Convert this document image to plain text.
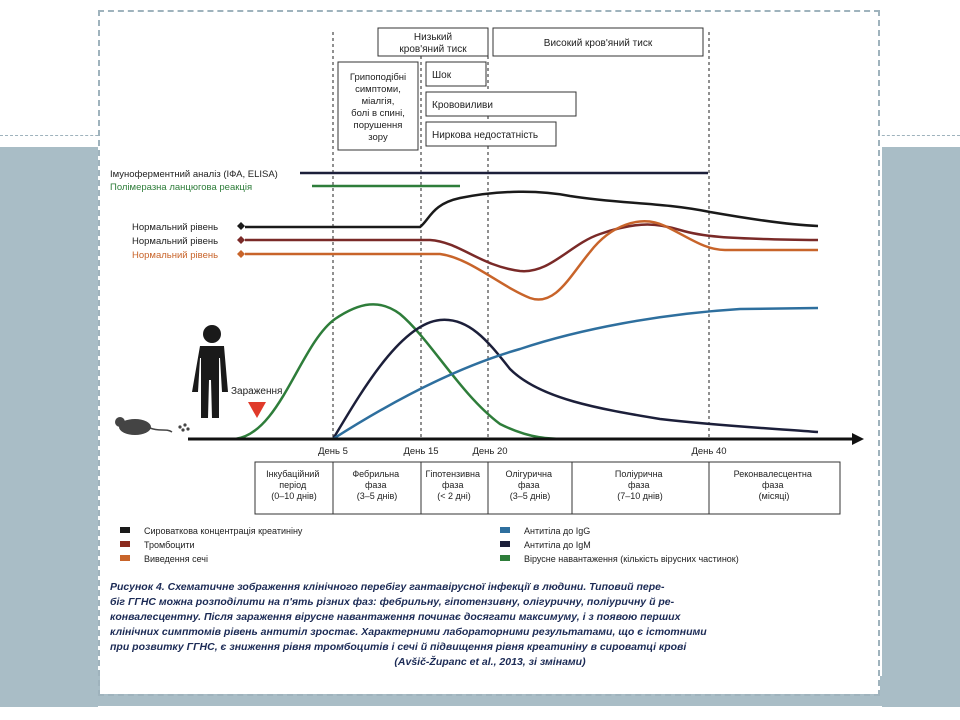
Низький
кров'яний тиск
Високий кров'яний тиск
Грипоподібні
симптоми,
міалгія,
болі в спині,
порушення
зору
Шок
Крововиливи
Ниркова недостатність
Імуноферментний аналіз (ІФА, ELISA)
Полімеразна ланцюгова реакція
Нормальний рівень
Нормальний рівень
Нормальний рівень
Зараження
День 5	День 15	День 20	День 40
Інкубаційний період (0–10 днів)
Фебрильна фаза (3–5 днів)
Гіпотензивна фаза (< 2 дні)
Олігурична фаза (3–5 днів)
Поліурична фаза (7–10 днів)
Реконвалесцентна фаза (місяці)
Сироваткова концентрація креатиніну
Тромбоцити
Виведення сечі
Антитіла до IgG
Антитіла до IgM
Вірусне навантаження (кількість вірусних частинок)
Рисунок 4. Схематичне зображення клінічного перебігу гантавірусної інфекції в людини. Типовий пере-
біг ГГНС можна розподілити на п'ять різних фаз: фебрильну, гіпотензивну, олігуричну, поліуричну й ре-
конвалесцентну. Після зараження вірусне навантаження починає досягати максимуму, і з появою перших
клінічних симптомів рівень антитіл зростає. Характерними лабораторними результатами, що є істотними
при розвитку ГГНС, є зниження рівня тромбоцитів і сечі й підвищення рівня креатиніну в сироватці крові
(Avšič-Županc et al., 2013, зі змінами)
